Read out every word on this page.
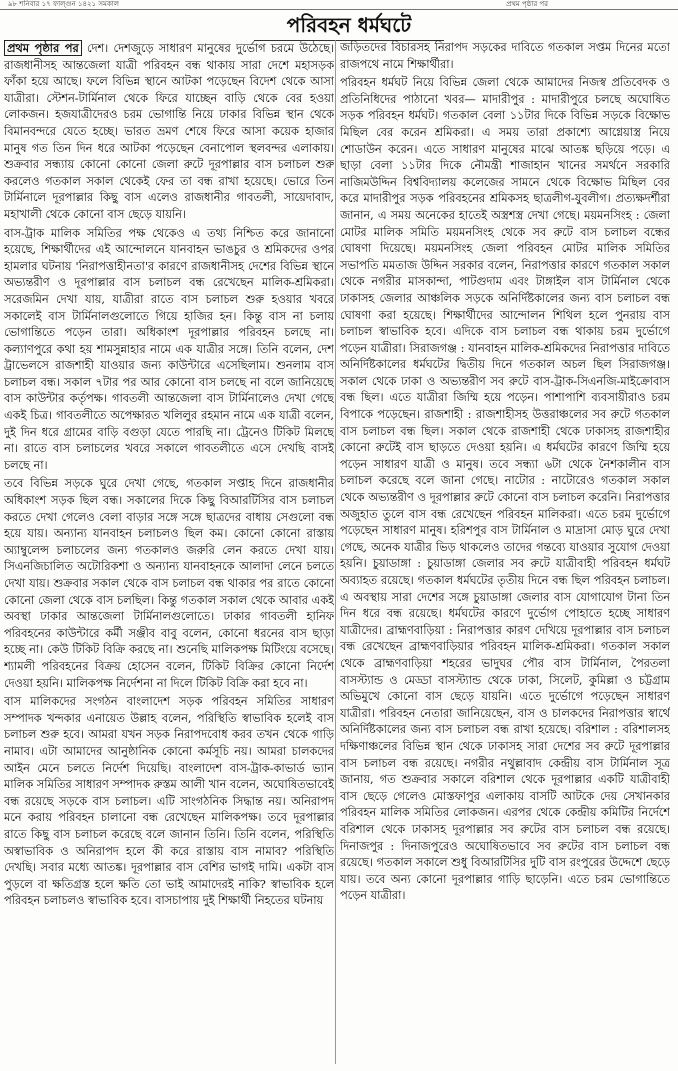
৯৮ শনিবার ১৭ ফাল্গুন ১৪২১ সমকাল	প্রথম পৃষ্ঠার পর
পরিবহন ধর্মঘটে

প্রথম পৃষ্ঠার পর দেশ। দেশজুড়ে সাধারণ মানুষের দুর্ভোগ চরমে উঠেছে। রাজধানীসহ আন্তজেলা যাত্রী পরিবহন বন্ধ থাকায় সারা দেশে মহাসড়ক ফাঁকা হয়ে আছে। ফলে বিভিন্ন স্থানে আটকা পড়েছেন বিদেশ থেকে আসা যাত্রীরা। স্টেশন-টার্মিনাল থেকে ফিরে যাচ্ছেন বাড়ি থেকে বের হওয়া লোকজন। হজযাত্রীদেরও চরম ভোগান্তি নিয়ে ঢাকার বিভিন্ন স্থান থেকে বিমানবন্দরে যেতে হচ্ছে। ভারত ভ্রমণ শেষে ফিরে আসা কয়েক হাজার মানুষ গত তিন দিন ধরে আটকা পড়েছেন বেনাপোল স্থলবন্দর এলাকায়। শুক্রবার সন্ধ্যায় কোনো কোনো জেলা রুটে দূরপাল্লার বাস চলাচল শুরু করলেও গতকাল সকাল থেকেই ফের তা বন্ধ রাখা হয়েছে। ভোরে তিন টার্মিনালে দূরপাল্লার কিছু বাস এলেও রাজধানীর গাবতলী, সায়েদাবাদ, মহাখালী থেকে কোনো বাস ছেড়ে যায়নি।

বাস-ট্রাক মালিক সমিতির পক্ষ থেকেও এ তথ্য নিশ্চিত করে জানানো হয়েছে, শিক্ষার্থীদের এই আন্দোলনে যানবাহন ভাঙচুর ও শ্রমিকদের ওপর হামলার ঘটনায় 'নিরাপত্তাহীনতা'র কারণে রাজধানীসহ দেশের বিভিন্ন স্থানে অভ্যন্তরীণ ও দূরপাল্লার বাস চলাচল বন্ধ রেখেছেন মালিক-শ্রমিকরা। সরেজমিন দেখা যায়, যাত্রীরা রাতে বাস চলাচল শুরু হওয়ার খবরে সকালেই বাস টার্মিনালগুলোতে গিয়ে হাজির হন। কিন্তু বাস না চলায় ভোগান্তিতে পড়েন তারা। অধিকাংশ দূরপাল্লার পরিবহন চলছে না। কল্যাণপুরে কথা হয় শামসুন্নাহার নামে এক যাত্রীর সঙ্গে। তিনি বলেন, দেশ ট্রাভেলসে রাজশাহী যাওয়ার জন্য কাউন্টারে এসেছিলাম। শুনলাম বাস চলাচল বন্ধ। সকাল ৭টার পর আর কোনো বাস চলছে না বলে জানিয়েছে বাস কাউন্টার কর্তৃপক্ষ। গাবতলী আন্তজেলা বাস টার্মিনালেও দেখা গেছে একই চিত্র। গাবতলীতে অপেক্ষারত খলিলুর রহমান নামে এক যাত্রী বলেন, দুই দিন ধরে গ্রামের বাড়ি বগুড়া যেতে পারছি না। ট্রেনেও টিকিট মিলছে না। রাতে বাস চলাচলের খবরে সকালে গাবতলীতে এসে দেখছি বাসই চলছে না।

তবে বিভিন্ন সড়কে ঘুরে দেখা গেছে, গতকাল সপ্তাহ দিনে রাজধানীর অধিকাংশ সড়ক ছিল বন্ধ। সকালের দিকে কিছু বিআরটিসির বাস চলাচল করতে দেখা গেলেও বেলা বাড়ার সঙ্গে সঙ্গে ছাত্রদের বাধায় সেগুলো বন্ধ হয়ে যায়। অন্যান্য যানবাহন চলাচলও ছিল কম। কোনো কোনো রাস্তায় অ্যাম্বুলেন্স চলাচলের জন্য গতকালও জরুরি লেন করতে দেখা যায়। সিএনজিচালিত অটোরিকশা ও অন্যান্য যানবাহনকে আলাদা লেনে চলতে দেখা যায়। শুক্রবার সকাল থেকে বাস চলাচল বন্ধ থাকার পর রাতে কোনো কোনো জেলা থেকে বাস চলছিল। কিন্তু গতকাল সকাল থেকে আবার একই অবস্থা ঢাকার আন্তজেলা টার্মিনালগুলোতে। ঢাকার গাবতলী হানিফ পরিবহনের কাউন্টারে কর্মী সঞ্জীব বাবু বলেন, কোনো ধরনের বাস ছাড়া হচ্ছে না। কেউ টিকিট বিক্রি করছে না। শুনেছি মালিকপক্ষ মিটিংয়ে বসেছে। শ্যামলী পরিবহনের বিক্রয় হোসেন বলেন, টিকিট বিক্রির কোনো নির্দেশ দেওয়া হয়নি। মালিকপক্ষ নির্দেশনা না দিলে টিকিট বিক্রি করা হবে না।

বাস মালিকদের সংগঠন বাংলাদেশ সড়ক পরিবহন সমিতির সাধারণ সম্পাদক খন্দকার এনায়েত উল্লাহ বলেন, পরিস্থিতি স্বাভাবিক হলেই বাস চলাচল শুরু হবে। আমরা যখন সড়ক নিরাপদবোধ করব তখন থেকে গাড়ি নামাব। এটা আমাদের আনুষ্ঠানিক কোনো কর্মসূচি নয়। আমরা চালকদের আইন মেনে চলতে নির্দেশ দিয়েছি। বাংলাদেশ বাস-ট্রাক-কাভার্ড ভ্যান মালিক সমিতির সাধারণ সম্পাদক রুস্তম আলী খান বলেন, অঘোষিতভাবেই বন্ধ রয়েছে সড়কে বাস চলাচল। এটি সাংগঠনিক সিদ্ধান্ত নয়। অনিরাপদ মনে করায় পরিবহন চালানো বন্ধ রেখেছেন মালিকপক্ষ। তবে দূরপাল্লার রাতে কিছু বাস চলাচল করেছে বলে জানান তিনি। তিনি বলেন, পরিস্থিতি অস্বাভাবিক ও অনিরাপদ হলে কী করে রাস্তায় বাস নামাব? পরিস্থিতি দেখছি। সবার মধ্যে আতঙ্ক। দূরপাল্লার বাস বেশির ভাগই দামি। একটা বাস পুড়লে বা ক্ষতিগ্রস্ত হলে ক্ষতি তো ভাই আমাদেরই নাকি? স্বাভাবিক হলে পরিবহন চলাচলও স্বাভাবিক হবে। বাসচাপায় দুই শিক্ষার্থী নিহতের ঘটনায়

জড়িতদের বিচারসহ নিরাপদ সড়কের দাবিতে গতকাল সপ্তম দিনের মতো রাজপথে নামে শিক্ষার্থীরা।

পরিবহন ধর্মঘট নিয়ে বিভিন্ন জেলা থেকে আমাদের নিজস্ব প্রতিবেদক ও প্রতিনিধিদের পাঠানো খবর— মাদারীপুর : মাদারীপুরে চলছে অঘোষিত সড়ক পরিবহন ধর্মঘট। গতকাল বেলা ১১টার দিকে বিভিন্ন সড়কে বিক্ষোভ মিছিল বের করেন শ্রমিকরা। এ সময় তারা প্রকাশ্যে আগ্নেয়াস্ত্র নিয়ে শোডাউন করেন। এতে সাধারণ মানুষের মাঝে আতঙ্ক ছড়িয়ে পড়ে। এ ছাড়া বেলা ১১টার দিকে নৌমন্ত্রী শাজাহান খানের সমর্থনে সরকারি নাজিমউদ্দিন বিশ্ববিদ্যালয় কলেজের সামনে থেকে বিক্ষোভ মিছিল বের করে মাদারীপুর সড়ক পরিবহনের শ্রমিকসহ ছাত্রলীগ-যুবলীগ। প্রত্যক্ষদর্শীরা জানান, এ সময় অনেকের হাতেই অস্ত্রশস্ত্র দেখা গেছে। ময়মনসিংহ : জেলা মোটর মালিক সমিতি ময়মনসিংহ থেকে সব রুটে বাস চলাচল বন্ধের ঘোষণা দিয়েছে। ময়মনসিংহ জেলা পরিবহন মোটর মালিক সমিতির সভাপতি মমতাজ উদ্দিন সরকার বলেন, নিরাপত্তার কারণে গতকাল সকাল থেকে নগরীর মাসকান্দা, পাটগুদাম এবং টাঙ্গাইল বাস টার্মিনাল থেকে ঢাকাসহ জেলার আঞ্চলিক সড়কে অনির্দিষ্টকালের জন্য বাস চলাচল বন্ধ ঘোষণা করা হয়েছে। শিক্ষার্থীদের আন্দোলন শিথিল হলে পুনরায় বাস চলাচল স্বাভাবিক হবে। এদিকে বাস চলাচল বন্ধ থাকায় চরম দুর্ভোগে পড়েন যাত্রীরা। সিরাজগঞ্জ : যানবাহন মালিক-শ্রমিকদের নিরাপত্তার দাবিতে অনির্দিষ্টকালের ধর্মঘটের দ্বিতীয় দিনে গতকাল অচল ছিল সিরাজগঞ্জ। সকাল থেকে ঢাকা ও অভ্যন্তরীণ সব রুটে বাস-ট্রাক-সিএনজি-মাইক্রোবাস বন্ধ ছিল। এতে যাত্রীরা জিম্মি হয়ে পড়েন। পাশাপাশি ব্যবসায়ীরাও চরম বিপাকে পড়েছেন। রাজশাহী : রাজশাহীসহ উত্তরাঞ্চলের সব রুটে গতকাল বাস চলাচল বন্ধ ছিল। সকাল থেকে রাজশাহী থেকে ঢাকাসহ রাজশাহীর কোনো রুটেই বাস ছাড়তে দেওয়া হয়নি। এ ধর্মঘটের কারণে জিম্মি হয়ে পড়েন সাধারণ যাত্রী ও মানুষ। তবে সন্ধ্যা ৬টা থেকে নৈশকালীন বাস চলাচল করেছে বলে জানা গেছে। নাটোর : নাটোরেও গতকাল সকাল থেকে অভ্যন্তরীণ ও দূরপাল্লার রুটে কোনো বাস চলাচল করেনি। নিরাপত্তার অজুহাত তুলে বাস বন্ধ রেখেছেন পরিবহন মালিকরা। এতে চরম দুর্ভোগে পড়েছেন সাধারণ মানুষ। হরিশপুর বাস টার্মিনাল ও মাদ্রাসা মোড় ঘুরে দেখা গেছে, অনেক যাত্রীর ভিড় থাকলেও তাদের গন্তব্যে যাওয়ার সুযোগ দেওয়া হয়নি। চুয়াডাঙ্গা : চুয়াডাঙ্গা জেলার সব রুটে যাত্রীবাহী পরিবহন ধর্মঘট অব্যাহত রয়েছে। গতকাল ধর্মঘটের তৃতীয় দিনে বন্ধ ছিল পরিবহন চলাচল। এ অবস্থায় সারা দেশের সঙ্গে চুয়াডাঙ্গা জেলার বাস যোগাযোগ টানা তিন দিন ধরে বন্ধ রয়েছে। ধর্মঘটের কারণে দুর্ভোগ পোহাতে হচ্ছে সাধারণ যাত্রীদের। ব্রাহ্মণবাড়িয়া : নিরাপত্তার কারণ দেখিয়ে দূরপাল্লার বাস চলাচল বন্ধ রেখেছেন ব্রাহ্মণবাড়িয়ার পরিবহন মালিক-শ্রমিকরা। গতকাল সকাল থেকে ব্রাহ্মণবাড়িয়া শহরের ভাদুঘর পৌর বাস টার্মিনাল, পৈরতলা বাসস্ট্যান্ড ও মেড্ডা বাসস্ট্যান্ড থেকে ঢাকা, সিলেট, কুমিল্লা ও চট্টগ্রাম অভিমুখে কোনো বাস ছেড়ে যায়নি। এতে দুর্ভোগে পড়েছেন সাধারণ যাত্রীরা। পরিবহন নেতারা জানিয়েছেন, বাস ও চালকদের নিরাপত্তার স্বার্থে অনির্দিষ্টকালের জন্য বাস চলাচল বন্ধ রাখা হয়েছে। বরিশাল : বরিশালসহ দক্ষিণাঞ্চলের বিভিন্ন স্থান থেকে ঢাকাসহ সারা দেশের সব রুটে দূরপাল্লার বাস চলাচল বন্ধ রয়েছে। নগরীর নথুল্লাবাদ কেন্দ্রীয় বাস টার্মিনাল সূত্র জানায়, গত শুক্রবার সকালে বরিশাল থেকে দূরপাল্লার একটি যাত্রীবাহী বাস ছেড়ে গেলেও মোস্তফাপুর এলাকায় বাসটি আটকে দেয় সেখানকার পরিবহন মালিক সমিতির লোকজন। এরপর থেকে কেন্দ্রীয় কমিটির নির্দেশে বরিশাল থেকে ঢাকাসহ দূরপাল্লার সব রুটের বাস চলাচল বন্ধ রয়েছে। দিনাজপুর : দিনাজপুরেও অঘোষিতভাবে সব রুটের বাস চলাচল বন্ধ রয়েছে। গতকাল সকালে শুধু বিআরটিসির দুটি বাস রংপুরের উদ্দেশে ছেড়ে যায়। তবে অন্য কোনো দূরপাল্লার গাড়ি ছাড়েনি। এতে চরম ভোগান্তিতে পড়েন যাত্রীরা।
